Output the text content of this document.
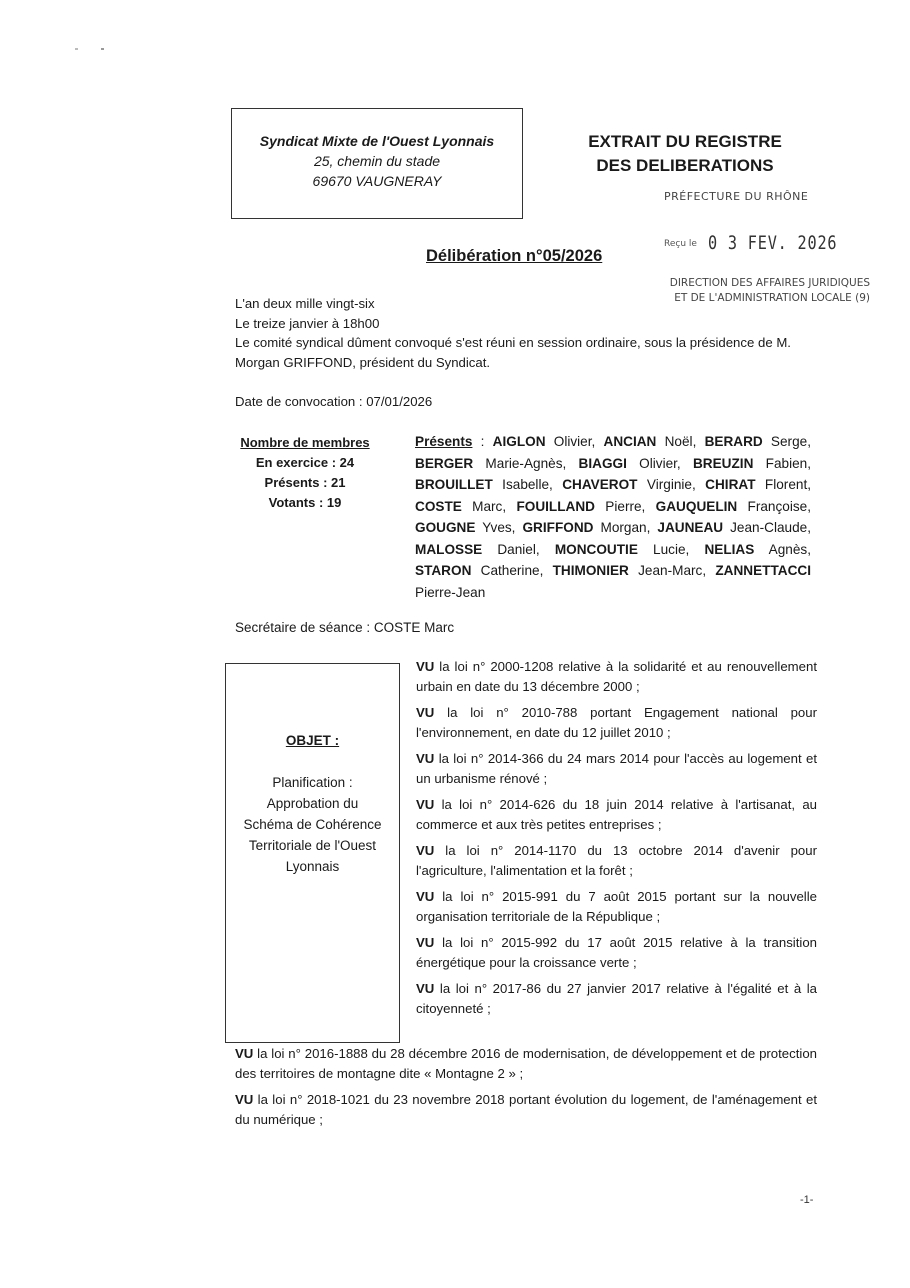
Syndicat Mixte de l'Ouest Lyonnais
25, chemin du stade
69670 VAUGNERAY
EXTRAIT DU REGISTRE
DES DELIBERATIONS
PRÉFECTURE DU RHÔNE
Délibération n°05/2026
Reçu le 0 3 FEV. 2026
DIRECTION DES AFFAIRES JURIDIQUES
ET DE L'ADMINISTRATION LOCALE (9)
L'an deux mille vingt-six
Le treize janvier à 18h00
Le comité syndical dûment convoqué s'est réuni en session ordinaire, sous la présidence de M. Morgan GRIFFOND, président du Syndicat.
Date de convocation : 07/01/2026
Nombre de membres
En exercice : 24
Présents : 21
Votants : 19
Présents : AIGLON Olivier, ANCIAN Noël, BERARD Serge, BERGER Marie-Agnès, BIAGGI Olivier, BREUZIN Fabien, BROUILLET Isabelle, CHAVEROT Virginie, CHIRAT Florent, COSTE Marc, FOUILLAND Pierre, GAUQUELIN Françoise, GOUGNE Yves, GRIFFOND Morgan, JAUNEAU Jean-Claude, MALOSSE Daniel, MONCOUTIE Lucie, NELIAS Agnès, STARON Catherine, THIMONIER Jean-Marc, ZANNETTACCI Pierre-Jean
Secrétaire de séance : COSTE Marc
OBJET :
Planification :
Approbation du
Schéma de Cohérence
Territoriale de l'Ouest
Lyonnais
VU la loi n° 2000-1208 relative à la solidarité et au renouvellement urbain en date du 13 décembre 2000 ;
VU la loi n° 2010-788 portant Engagement national pour l'environnement, en date du 12 juillet 2010 ;
VU la loi n° 2014-366 du 24 mars 2014 pour l'accès au logement et un urbanisme rénové ;
VU la loi n° 2014-626 du 18 juin 2014 relative à l'artisanat, au commerce et aux très petites entreprises ;
VU la loi n° 2014-1170 du 13 octobre 2014 d'avenir pour l'agriculture, l'alimentation et la forêt ;
VU la loi n° 2015-991 du 7 août 2015 portant sur la nouvelle organisation territoriale de la République ;
VU la loi n° 2015-992 du 17 août 2015 relative à la transition énergétique pour la croissance verte ;
VU la loi n° 2017-86 du 27 janvier 2017 relative à l'égalité et à la citoyenneté ;
VU la loi n° 2016-1888 du 28 décembre 2016 de modernisation, de développement et de protection des territoires de montagne dite « Montagne 2 » ;
VU la loi n° 2018-1021 du 23 novembre 2018 portant évolution du logement, de l'aménagement et du numérique ;
-1-
